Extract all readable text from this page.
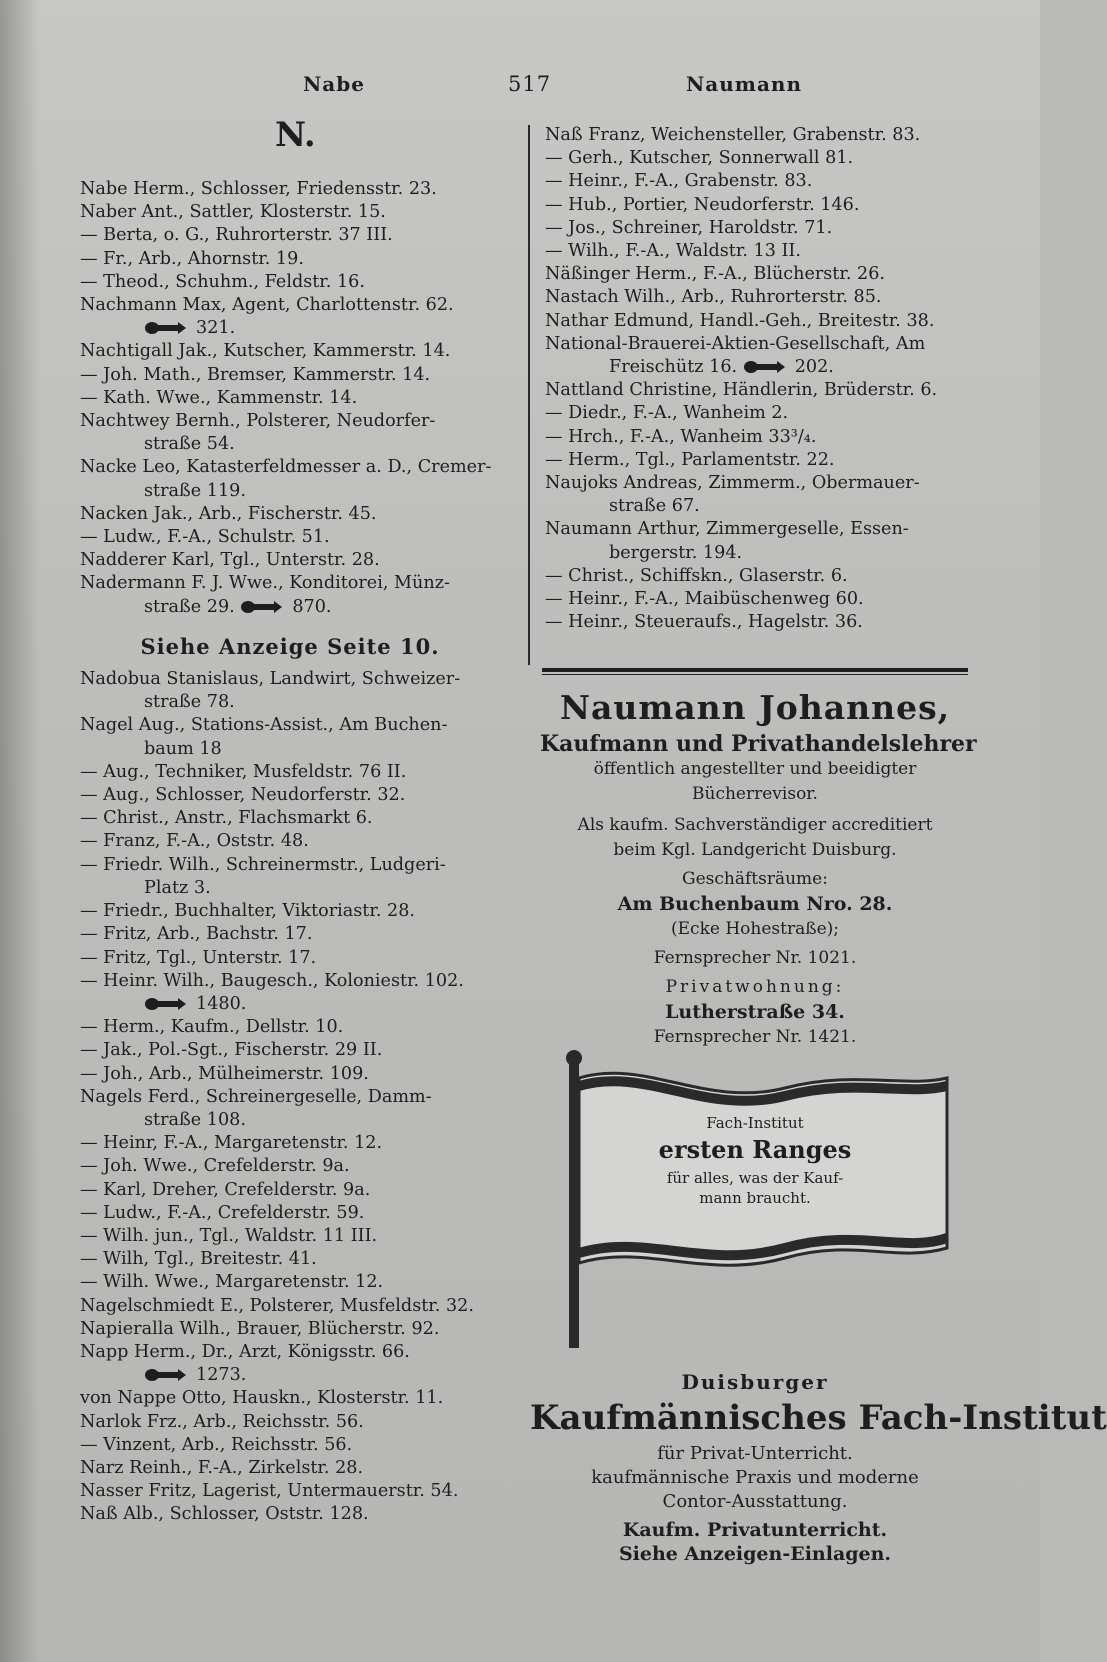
Nabe	517	Naumann
N.
Nabe Herm., Schlosser, Friedensstr. 23.
Naber Ant., Sattler, Klosterstr. 15.
— Berta, o. G., Ruhrorterstr. 37 III.
— Fr., Arb., Ahornstr. 19.
— Theod., Schuhm., Feldstr. 16.
Nachmann Max, Agent, Charlottenstr. 62.
321.
Nachtigall Jak., Kutscher, Kammerstr. 14.
— Joh. Math., Bremser, Kammerstr. 14.
— Kath. Wwe., Kammenstr. 14.
Nachtwey Bernh., Polsterer, Neudorfer-
straße 54.
Nacke Leo, Katasterfeldmesser a. D., Cremer-
straße 119.
Nacken Jak., Arb., Fischerstr. 45.
— Ludw., F.-A., Schulstr. 51.
Nadderer Karl, Tgl., Unterstr. 28.
Nadermann F. J. Wwe., Konditorei, Münz-
straße 29.	870.
Siehe Anzeige Seite 10.
Nadobua Stanislaus, Landwirt, Schweizer-
straße 78.
Nagel Aug., Stations-Assist., Am Buchen-
baum 18
— Aug., Techniker, Musfeldstr. 76 II.
— Aug., Schlosser, Neudorferstr. 32.
— Christ., Anstr., Flachsmarkt 6.
— Franz, F.-A., Oststr. 48.
— Friedr. Wilh., Schreinermstr., Ludgeri-
Platz 3.
— Friedr., Buchhalter, Viktoriastr. 28.
— Fritz, Arb., Bachstr. 17.
— Fritz, Tgl., Unterstr. 17.
— Heinr. Wilh., Baugesch., Koloniestr. 102.
1480.
— Herm., Kaufm., Dellstr. 10.
— Jak., Pol.-Sgt., Fischerstr. 29 II.
— Joh., Arb., Mülheimerstr. 109.
Nagels Ferd., Schreinergeselle, Damm-
straße 108.
— Heinr, F.-A., Margaretenstr. 12.
— Joh. Wwe., Crefelderstr. 9a.
— Karl, Dreher, Crefelderstr. 9a.
— Ludw., F.-A., Crefelderstr. 59.
— Wilh. jun., Tgl., Waldstr. 11 III.
— Wilh, Tgl., Breitestr. 41.
— Wilh. Wwe., Margaretenstr. 12.
Nagelschmiedt E., Polsterer, Musfeldstr. 32.
Napieralla Wilh., Brauer, Blücherstr. 92.
Napp Herm., Dr., Arzt, Königsstr. 66.
1273.
von Nappe Otto, Hauskn., Klosterstr. 11.
Narlok Frz., Arb., Reichsstr. 56.
— Vinzent, Arb., Reichsstr. 56.
Narz Reinh., F.-A., Zirkelstr. 28.
Nasser Fritz, Lagerist, Untermauerstr. 54.
Naß Alb., Schlosser, Oststr. 128.
Naß Franz, Weichensteller, Grabenstr. 83.
— Gerh., Kutscher, Sonnerwall 81.
— Heinr., F.-A., Grabenstr. 83.
— Hub., Portier, Neudorferstr. 146.
— Jos., Schreiner, Haroldstr. 71.
— Wilh., F.-A., Waldstr. 13 II.
Näßinger Herm., F.-A., Blücherstr. 26.
Nastach Wilh., Arb., Ruhrorterstr. 85.
Nathar Edmund, Handl.-Geh., Breitestr. 38.
National-Brauerei-Aktien-Gesellschaft, Am
Freischütz 16.	202.
Nattland Christine, Händlerin, Brüderstr. 6.
— Diedr., F.-A., Wanheim 2.
— Hrch., F.-A., Wanheim 33³/₄.
— Herm., Tgl., Parlamentstr. 22.
Naujoks Andreas, Zimmerm., Obermauer-
straße 67.
Naumann Arthur, Zimmergeselle, Essen-
bergerstr. 194.
— Christ., Schiffskn., Glaserstr. 6.
— Heinr., F.-A., Maibüschenweg 60.
— Heinr., Steueraufs., Hagelstr. 36.
Naumann Johannes,
Kaufmann und Privathandelslehrer
öffentlich angestellter und beeidigter
Bücherrevisor.
Als kaufm. Sachverständiger accreditiert
beim Kgl. Landgericht Duisburg.
Geschäftsräume:
Am Buchenbaum Nro. 28.
(Ecke Hohestraße);
Fernsprecher Nr. 1021.
Privatwohnung:
Lutherstraße 34.
Fernsprecher Nr. 1421.
Fach-Institut
ersten Ranges
für alles, was der Kauf-
mann braucht.
Duisburger
Kaufmännisches Fach-Institut
für Privat-Unterricht.
kaufmännische Praxis und moderne
Contor-Ausstattung.
Kaufm. Privatunterricht.
Siehe Anzeigen-Einlagen.
